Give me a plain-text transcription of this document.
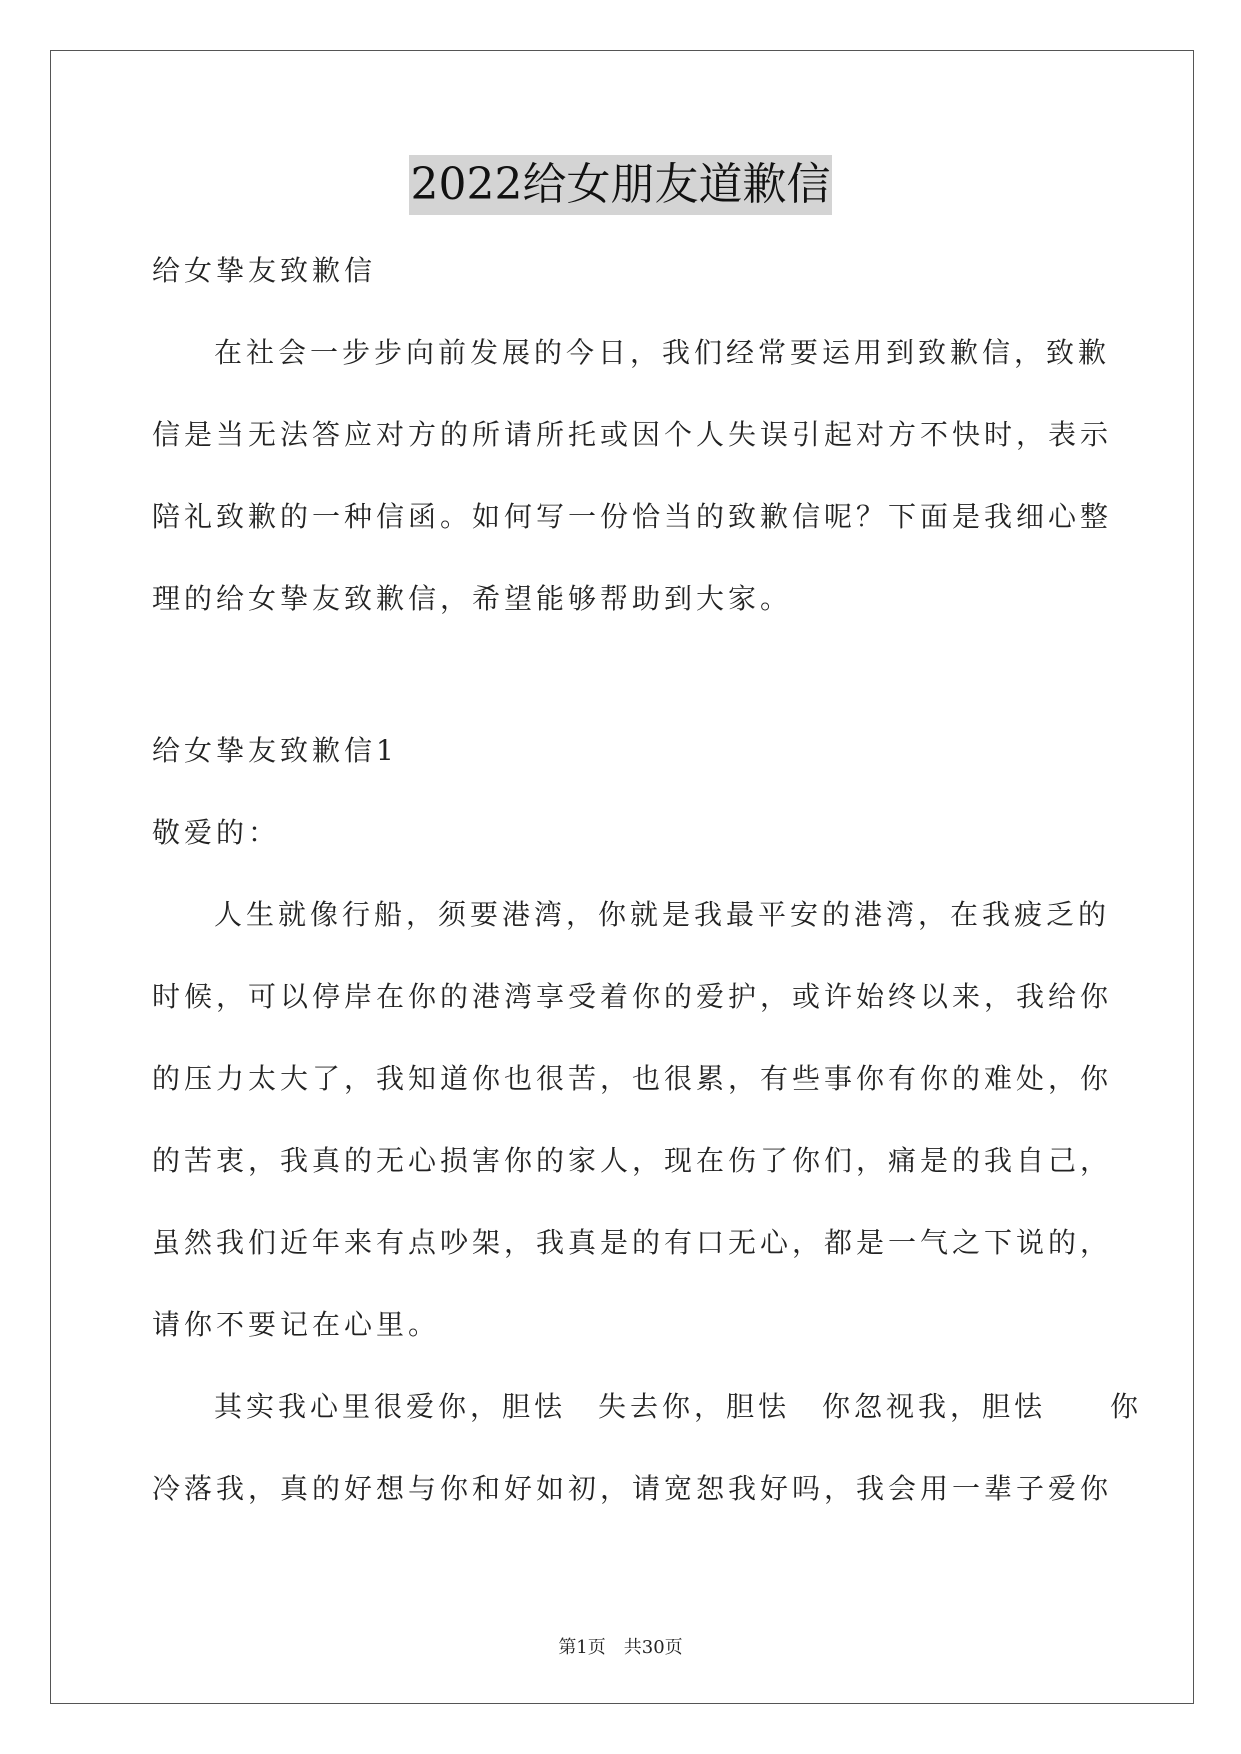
2022给女朋友道歉信

给女挚友致歉信

在社会一步步向前发展的今日，我们经常要运用到致歉信，致歉

信是当无法答应对方的所请所托或因个人失误引起对方不快时，表示

陪礼致歉的一种信函。如何写一份恰当的致歉信呢？下面是我细心整

理的给女挚友致歉信，希望能够帮助到大家。

给女挚友致歉信1

敬爱的：

人生就像行船，须要港湾，你就是我最平安的港湾，在我疲乏的

时候，可以停岸在你的港湾享受着你的爱护，或许始终以来，我给你

的压力太大了，我知道你也很苦，也很累，有些事你有你的难处，你

的苦衷，我真的无心损害你的家人，现在伤了你们，痛是的我自己，

虽然我们近年来有点吵架，我真是的有口无心，都是一气之下说的，

请你不要记在心里。

其实我心里很爱你，胆怯　失去你，胆怯　你忽视我，胆怯　　你

冷落我，真的好想与你和好如初，请宽恕我好吗，我会用一辈子爱你

第1页　共30页
